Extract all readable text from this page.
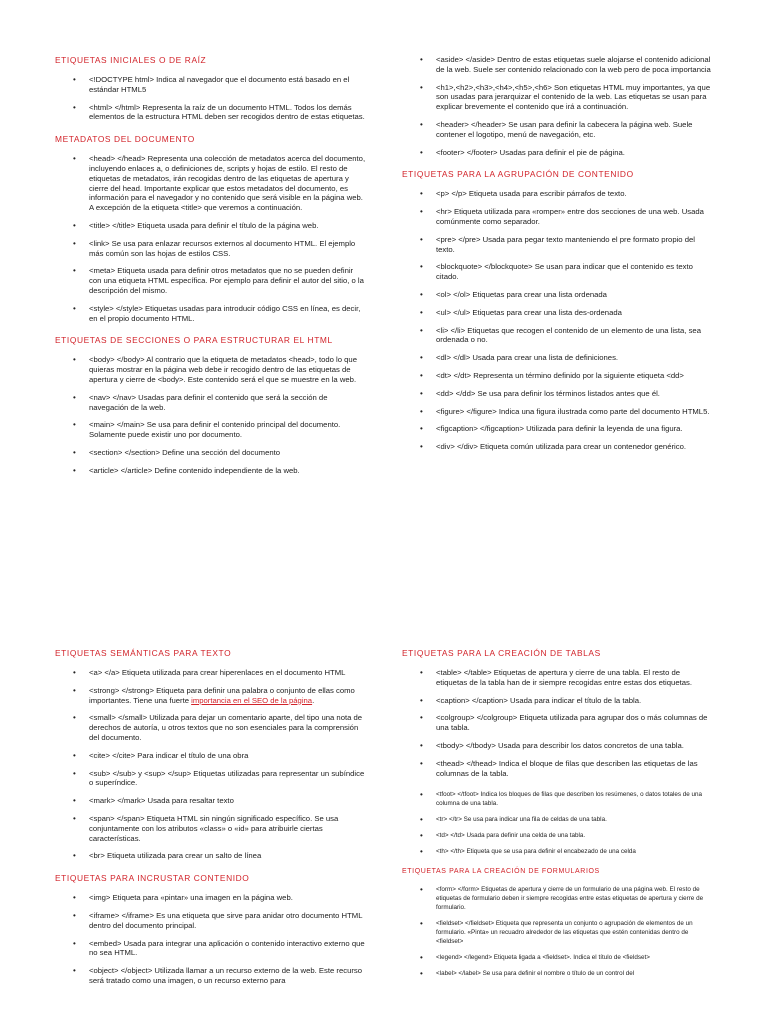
ETIQUETAS INICIALES O DE RAÍZ
• <!DOCTYPE html> Indica al navegador que el documento está basado en el estándar HTML5
• <html> </html> Representa la raíz de un documento HTML. Todos los demás elementos de la estructura HTML deben ser recogidos dentro de estas etiquetas.
METADATOS DEL DOCUMENTO
• <head> </head> Representa una colección de metadatos acerca del documento, incluyendo enlaces a, o definiciones de, scripts y hojas de estilo. El resto de etiquetas de metadatos, irán recogidas dentro de las etiquetas de apertura y cierre del head. Importante explicar que estos metadatos del documento, es información para el navegador y no contenido que será visible en la página web. A excepción de la etiqueta <title> que veremos a continuación.
• <title> </title> Etiqueta usada para definir el título de la página web.
• <link> Se usa para enlazar recursos externos al documento HTML. El ejemplo más común son las hojas de estilos CSS.
• <meta> Etiqueta usada para definir otros metadatos que no se pueden definir con una etiqueta HTML específica. Por ejemplo para definir el autor del sitio, o la descripción del mismo.
• <style> </style> Etiquetas usadas para introducir código CSS en línea, es decir, en el propio documento HTML.
ETIQUETAS DE SECCIONES O PARA ESTRUCTURAR EL HTML
• <body> </body> Al contrario que la etiqueta de metadatos <head>, todo lo que quieras mostrar en la página web debe ir recogido dentro de las etiquetas de apertura y cierre de <body>. Este contenido será el que se muestre en la web.
• <nav> </nav> Usadas para definir el contenido que será la sección de navegación de la web.
• <main> </main> Se usa para definir el contenido principal del documento. Solamente puede existir uno por documento.
• <section> </section> Define una sección del documento
• <article> </article> Define contenido independiente de la web.
• <aside> </aside> Dentro de estas etiquetas suele alojarse el contenido adicional de la web. Suele ser contenido relacionado con la web pero de poca importancia
• <h1>,<h2>,<h3>,<h4>,<h5>,<h6> Son etiquetas HTML muy importantes, ya que son usadas para jerarquizar el contenido de la web. Las etiquetas se usan para explicar brevemente el contenido que irá a continuación.
• <header> </header> Se usan para definir la cabecera la página web. Suele contener el logotipo, menú de navegación, etc.
• <footer> </footer> Usadas para definir el pie de página.
ETIQUETAS PARA LA AGRUPACIÓN DE CONTENIDO
• <p> </p> Etiqueta usada para escribir párrafos de texto.
• <hr> Etiqueta utilizada para «romper» entre dos secciones de una web. Usada comúnmente como separador.
• <pre> </pre> Usada para pegar texto manteniendo el pre formato propio del texto.
• <blockquote> </blockquote> Se usan para indicar que el contenido es texto citado.
• <ol> </ol> Etiquetas para crear una lista ordenada
• <ul> </ul> Etiquetas para crear una lista des-ordenada
• <li> </li> Etiquetas que recogen el contenido de un elemento de una lista, sea ordenada o no.
• <dl> </dl> Usada para crear una lista de definiciones.
• <dt> </dt> Representa un término definido por la siguiente etiqueta <dd>
• <dd> </dd> Se usa para definir los términos listados antes que él.
• <figure> </figure> Indica una figura ilustrada como parte del documento HTML5.
• <figcaption> </figcaption> Utilizada para definir la leyenda de una figura.
• <div> </div> Etiqueta común utilizada para crear un contenedor genérico.
ETIQUETAS SEMÁNTICAS PARA TEXTO
• <a> </a> Etiqueta utilizada para crear hiperenlaces en el documento HTML
• <strong> </strong> Etiqueta para definir una palabra o conjunto de ellas como importantes. Tiene una fuerte importancia en el SEO de la página.
• <small> </small> Utilizada para dejar un comentario aparte, del tipo una nota de derechos de autoría, u otros textos que no son esenciales para la comprensión del documento.
• <cite> </cite> Para indicar el título de una obra
• <sub> </sub> y <sup> </sup> Etiquetas utilizadas para representar un subíndice o superíndice.
• <mark> </mark> Usada para resaltar texto
• <span> </span> Etiqueta HTML sin ningún significado específico. Se usa conjuntamente con los atributos «class» o «id» para atribuirle ciertas características.
• <br> Etiqueta utilizada para crear un salto de línea
ETIQUETAS PARA INCRUSTAR CONTENIDO
• <img> Etiqueta para «pintar» una imagen en la página web.
• <iframe> </iframe> Es una etiqueta que sirve para anidar otro documento HTML dentro del documento principal.
• <embed> Usada para integrar una aplicación o contenido interactivo externo que no sea HTML.
• <object> </object> Utilizada llamar a un recurso externo de la web. Este recurso será tratado como una imagen, o un recurso externo para
ETIQUETAS PARA LA CREACIÓN DE TABLAS
• <table> </table> Etiquetas de apertura y cierre de una tabla. El resto de etiquetas de la tabla han de ir siempre recogidas entre estas dos etiquetas.
• <caption> </caption> Usada para indicar el título de la tabla.
• <colgroup> </colgroup> Etiqueta utilizada para agrupar dos o más columnas de una tabla.
• <tbody> </tbody> Usada para describir los datos concretos de una tabla.
• <thead> </thead> Indica el bloque de filas que describen las etiquetas de las columnas de la tabla.
• <tfoot> </tfoot> Indica los bloques de filas que describen los resúmenes, o datos totales de una columna de una tabla.
• <tr> </tr> Se usa para indicar una fila de celdas de una tabla.
• <td> </td> Usada para definir una celda de una tabla.
• <th> </th> Etiqueta que se usa para definir el encabezado de una celda
ETIQUETAS PARA LA CREACIÓN DE FORMULARIOS
• <form> </form> Etiquetas de apertura y cierre de un formulario de una página web. El resto de etiquetas de formulario deben ir siempre recogidas entre estas etiquetas de apertura y cierre de formulario.
• <fieldset> </fieldset> Etiqueta que representa un conjunto o agrupación de elementos de un formulario. «Pinta» un recuadro alrededor de las etiquetas que estén contenidas dentro de <fieldset>
• <legend> </legend> Etiqueta ligada a <fieldset>. Indica el título de <fieldset>
• <label> </label> Se usa para definir el nombre o título de un control del
